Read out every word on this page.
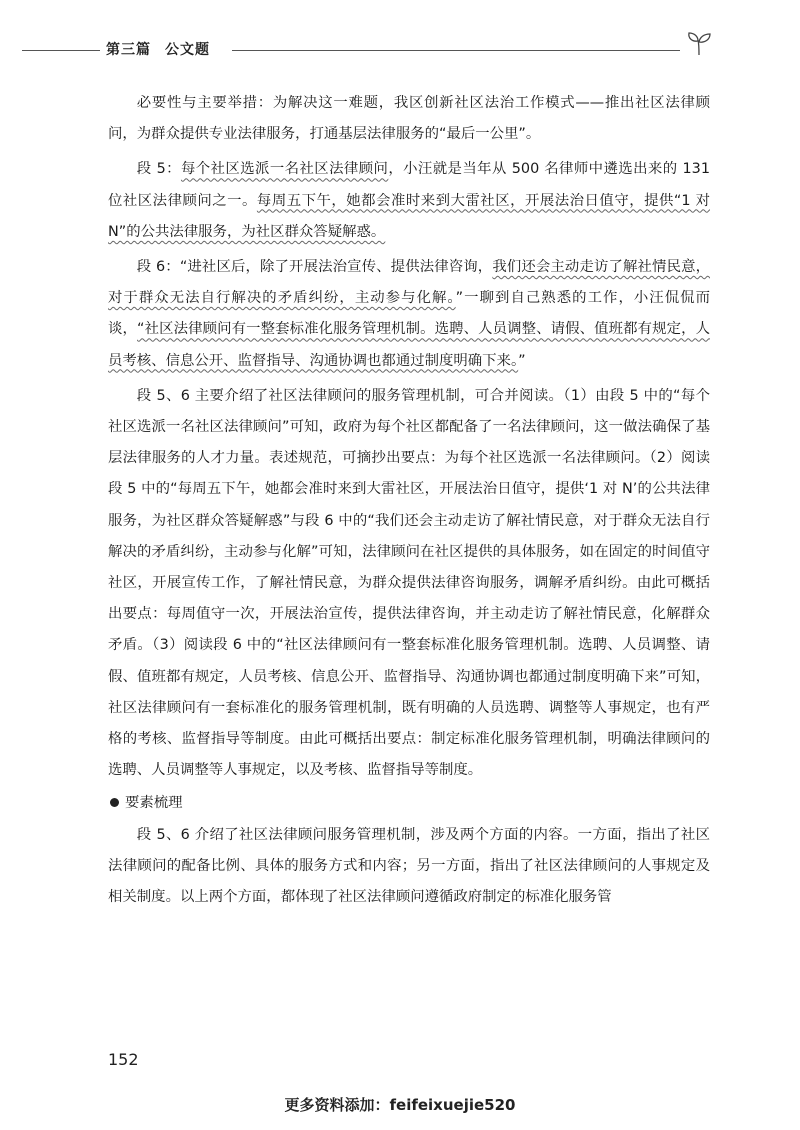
第三篇 公文题

必要性与主要举措：为解决这一难题，我区创新社区法治工作模式——推出社区法律顾问，为群众提供专业法律服务，打通基层法律服务的“最后一公里”。

段 5：每个社区选派一名社区法律顾问，小汪就是当年从 500 名律师中遴选出来的 131 位社区法律顾问之一。每周五下午，她都会准时来到大雷社区，开展法治日值守，提供“1 对 N”的公共法律服务，为社区群众答疑解惑。

段 6：“进社区后，除了开展法治宣传、提供法律咨询，我们还会主动走访了解社情民意，对于群众无法自行解决的矛盾纠纷，主动参与化解。”一聊到自己熟悉的工作，小汪侃侃而谈，“社区法律顾问有一整套标准化服务管理机制。选聘、人员调整、请假、值班都有规定，人员考核、信息公开、监督指导、沟通协调也都通过制度明确下来。”

段 5、6 主要介绍了社区法律顾问的服务管理机制，可合并阅读。（1）由段 5 中的“每个社区选派一名社区法律顾问”可知，政府为每个社区都配备了一名法律顾问，这一做法确保了基层法律服务的人才力量。表述规范，可摘抄出要点：为每个社区选派一名法律顾问。（2）阅读段 5 中的“每周五下午，她都会准时来到大雷社区，开展法治日值守，提供‘1 对 N’的公共法律服务，为社区群众答疑解惑”与段 6 中的“我们还会主动走访了解社情民意，对于群众无法自行解决的矛盾纠纷，主动参与化解”可知，法律顾问在社区提供的具体服务，如在固定的时间值守社区，开展宣传工作，了解社情民意，为群众提供法律咨询服务，调解矛盾纠纷。由此可概括出要点：每周值守一次，开展法治宣传，提供法律咨询，并主动走访了解社情民意，化解群众矛盾。（3）阅读段 6 中的“社区法律顾问有一整套标准化服务管理机制。选聘、人员调整、请假、值班都有规定，人员考核、信息公开、监督指导、沟通协调也都通过制度明确下来”可知，社区法律顾问有一套标准化的服务管理机制，既有明确的人员选聘、调整等人事规定，也有严格的考核、监督指导等制度。由此可概括出要点：制定标准化服务管理机制，明确法律顾问的选聘、人员调整等人事规定，以及考核、监督指导等制度。

要素梳理

段 5、6 介绍了社区法律顾问服务管理机制，涉及两个方面的内容。一方面，指出了社区法律顾问的配备比例、具体的服务方式和内容；另一方面，指出了社区法律顾问的人事规定及相关制度。以上两个方面，都体现了社区法律顾问遵循政府制定的标准化服务管

152
更多资料添加：feifeixuejie520
